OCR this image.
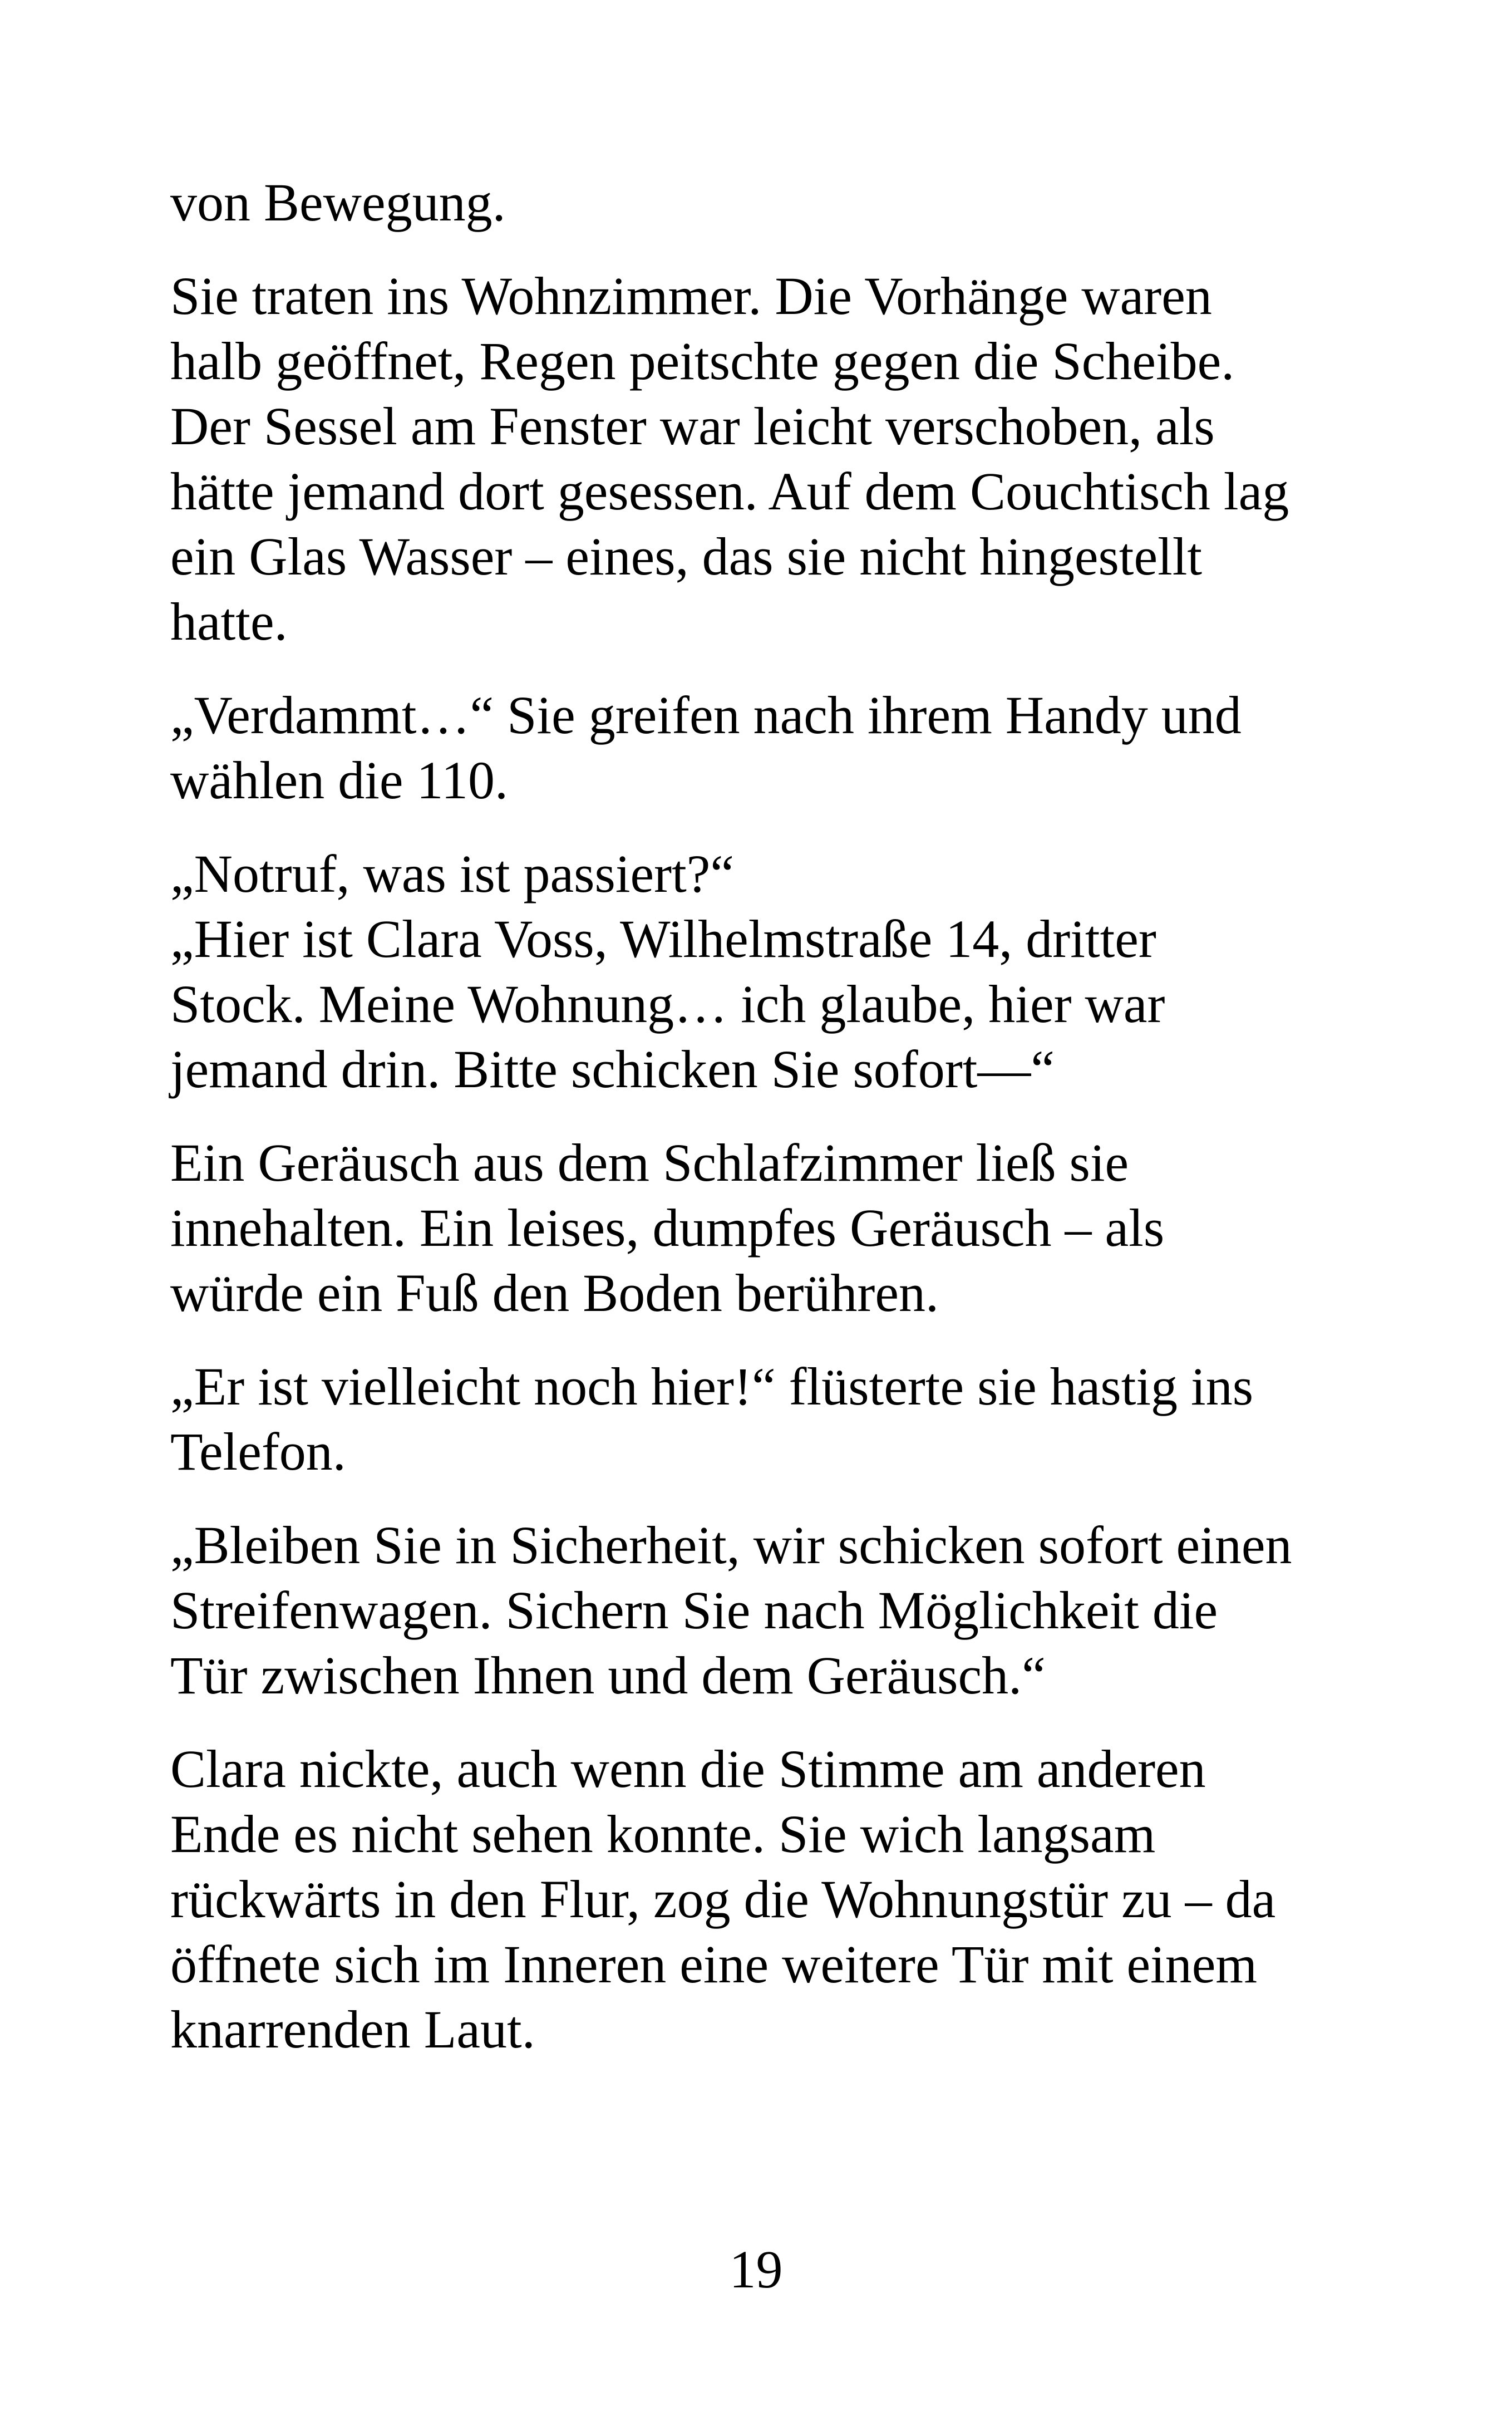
von Bewegung.

Sie traten ins Wohnzimmer. Die Vorhänge waren
halb geöffnet, Regen peitschte gegen die Scheibe.
Der Sessel am Fenster war leicht verschoben, als
hätte jemand dort gesessen. Auf dem Couchtisch lag
ein Glas Wasser – eines, das sie nicht hingestellt
hatte.

„Verdammt…“ Sie greifen nach ihrem Handy und
wählen die 110.

„Notruf, was ist passiert?“
„Hier ist Clara Voss, Wilhelmstraße 14, dritter
Stock. Meine Wohnung… ich glaube, hier war
jemand drin. Bitte schicken Sie sofort—“

Ein Geräusch aus dem Schlafzimmer ließ sie
innehalten. Ein leises, dumpfes Geräusch – als
würde ein Fuß den Boden berühren.

„Er ist vielleicht noch hier!“ flüsterte sie hastig ins
Telefon.

„Bleiben Sie in Sicherheit, wir schicken sofort einen
Streifenwagen. Sichern Sie nach Möglichkeit die
Tür zwischen Ihnen und dem Geräusch.“

Clara nickte, auch wenn die Stimme am anderen
Ende es nicht sehen konnte. Sie wich langsam
rückwärts in den Flur, zog die Wohnungstür zu – da
öffnete sich im Inneren eine weitere Tür mit einem
knarrenden Laut.

19
